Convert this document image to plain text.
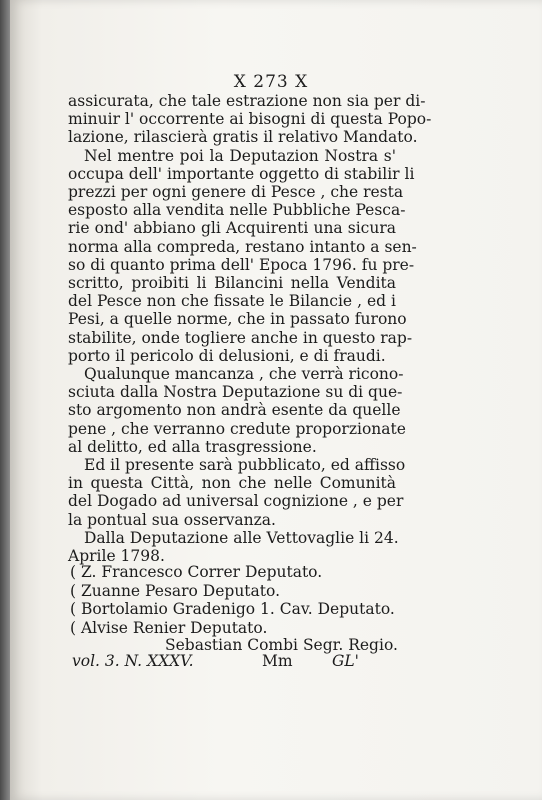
X 273 X
assicurata, che tale estrazione non sia per di-
minuir l' occorrente ai bisogni di questa Popo-
lazione, rilascierà gratis il relativo Mandato.
Nel mentre poi la Deputazion Nostra s'
occupa dell' importante oggetto di stabilir li
prezzi per ogni genere di Pesce , che resta
esposto alla vendita nelle Pubbliche Pesca-
rie ond' abbiano gli Acquirenti una sicura
norma alla compreda, restano intanto a sen-
so di quanto prima dell' Epoca 1796. fu pre-
scritto, proibiti li Bilancini nella Vendita
del Pesce non che fissate le Bilancie , ed i
Pesi, a quelle norme, che in passato furono
stabilite, onde togliere anche in questo rap-
porto il pericolo di delusioni, e di fraudi.
Qualunque mancanza , che verrà ricono-
sciuta dalla Nostra Deputazione su di que-
sto argomento non andrà esente da quelle
pene , che verranno credute proporzionate
al delitto, ed alla trasgressione.
Ed il presente sarà pubblicato, ed affisso
in questa Città, non che nelle Comunità
del Dogado ad universal cognizione , e per
la pontual sua osservanza.
Dalla Deputazione alle Vettovaglie li 24.
Aprile 1798.
( Z. Francesco Correr Deputato.
( Zuanne Pesaro Deputato.
( Bortolamio Gradenigo 1. Cav. Deputato.
( Alvise Renier Deputato.
Sebastian Combi Segr. Regio.
vol. 3. N. XXXV.	Mm	GL'
